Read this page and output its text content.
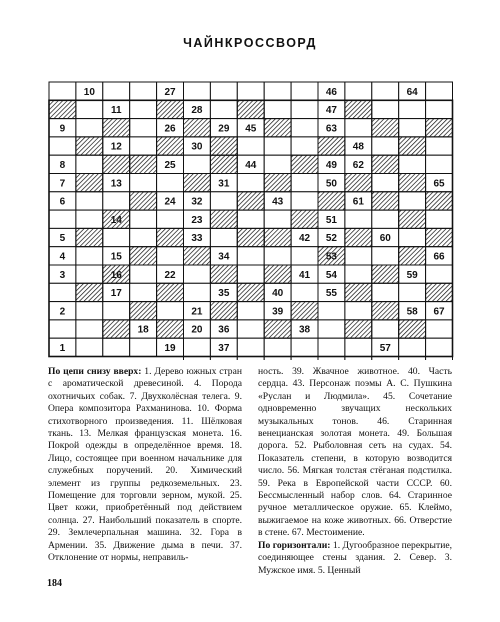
ЧАЙНКРОССВОРД
10	27	46	64
11	28	47
9	26	29 45	63
12	30	48
8	25	44	49 62
7	13	31	50	65
6	24 32	43	61
14	23	51
5	33	42 52	60
4	15	34	53	66
3	16	22	41 54	59
17	35	40	55
2	21	39	58 67
18	20 36	38
1	19	37	57
По цепи снизу вверх: 1. Дерево южных стран с ароматической древесиной. 4. Порода охотничьих собак. 7. Двухколёсная телега. 9. Опера композитора Рахманинова. 10. Форма стихотворного произведения. 11. Шёлковая ткань. 13. Мелкая французская монета. 16. Покрой одежды в определённое время. 18. Лицо, состоящее при военном начальнике для служебных поручений. 20. Химический элемент из группы редкоземельных. 23. Помещение для торговли зерном, мукой. 25. Цвет кожи, приобретённый под действием солнца. 27. Наибольший показатель в спорте. 29. Землечерпальная машина. 32. Гора в Армении. 35. Движение дыма в печи. 37. Отклонение от нормы, неправиль-
ность. 39. Жвачное животное. 40. Часть сердца. 43. Персонаж поэмы А. С. Пушкина «Руслан и Людмила». 45. Сочетание одновременно звучащих нескольких музыкальных тонов. 46. Старинная венецианская золотая монета. 49. Большая дорога. 52. Рыболовная сеть на судах. 54. Показатель степени, в которую возводится число. 56. Мягкая толстая стёганая подстилка. 59. Река в Европейской части СССР. 60. Бессмысленный набор слов. 64. Старинное ручное металлическое оружие. 65. Клеймо, выжигаемое на коже животных. 66. Отверстие в стене. 67. Местоимение.
По горизонтали: 1. Дугообразное перекрытие, соединяющее стены здания. 2. Север. 3. Мужское имя. 5. Ценный
184
